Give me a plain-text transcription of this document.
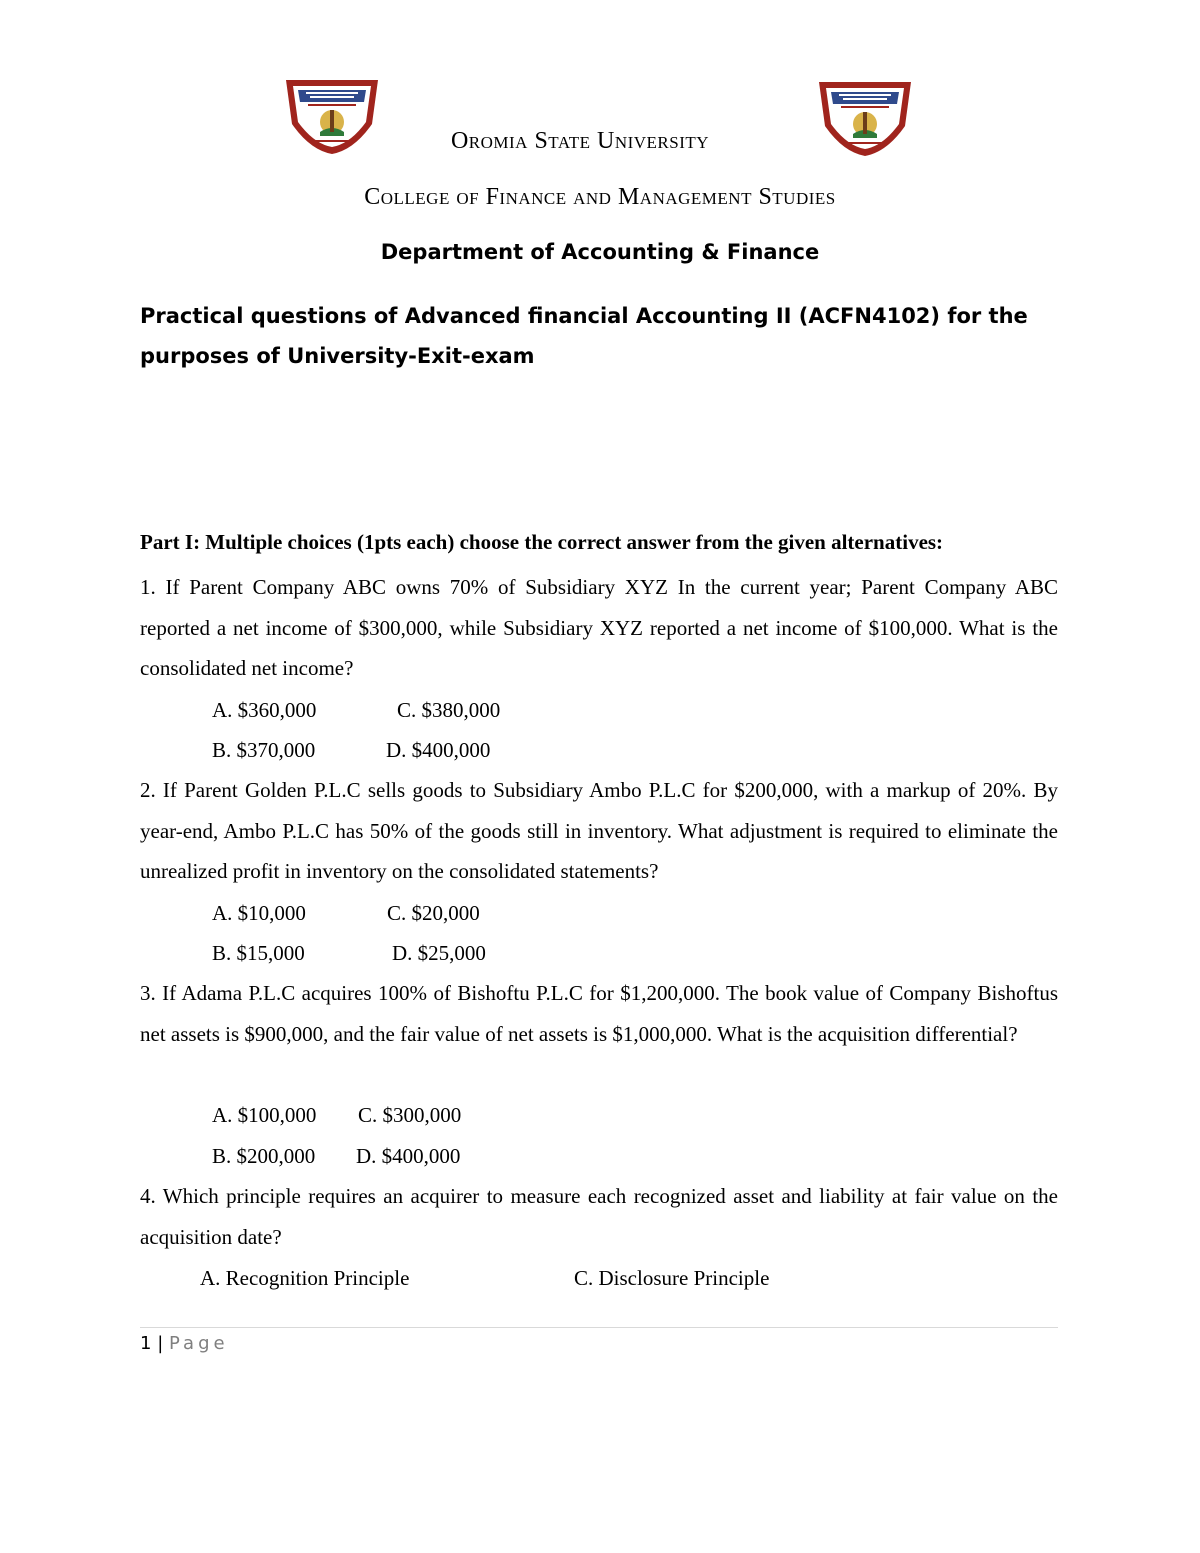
Oromia State University
College of Finance and Management Studies
Department of Accounting & Finance
Practical questions of Advanced financial Accounting II (ACFN4102) for the purposes of University-Exit-exam
Part I: Multiple choices (1pts each) choose the correct answer from the given alternatives:
1. If Parent Company ABC owns 70% of Subsidiary XYZ In the current year; Parent Company ABC reported a net income of $300,000, while Subsidiary XYZ reported a net income of $100,000. What is the consolidated net income?
A. $360,000	C. $380,000
B. $370,000	D. $400,000
2. If Parent Golden P.L.C sells goods to Subsidiary Ambo P.L.C for $200,000, with a markup of 20%. By year-end, Ambo P.L.C has 50% of the goods still in inventory. What adjustment is required to eliminate the unrealized profit in inventory on the consolidated statements?
A. $10,000	C. $20,000
B. $15,000	D. $25,000
3. If Adama P.L.C acquires 100% of Bishoftu P.L.C for $1,200,000. The book value of Company Bishoftus net assets is $900,000, and the fair value of net assets is $1,000,000. What is the acquisition differential?
A. $100,000 C. $300,000
B. $200,000 D. $400,000
4. Which principle requires an acquirer to measure each recognized asset and liability at fair value on the acquisition date?
A. Recognition Principle	C. Disclosure Principle
1 | Page
